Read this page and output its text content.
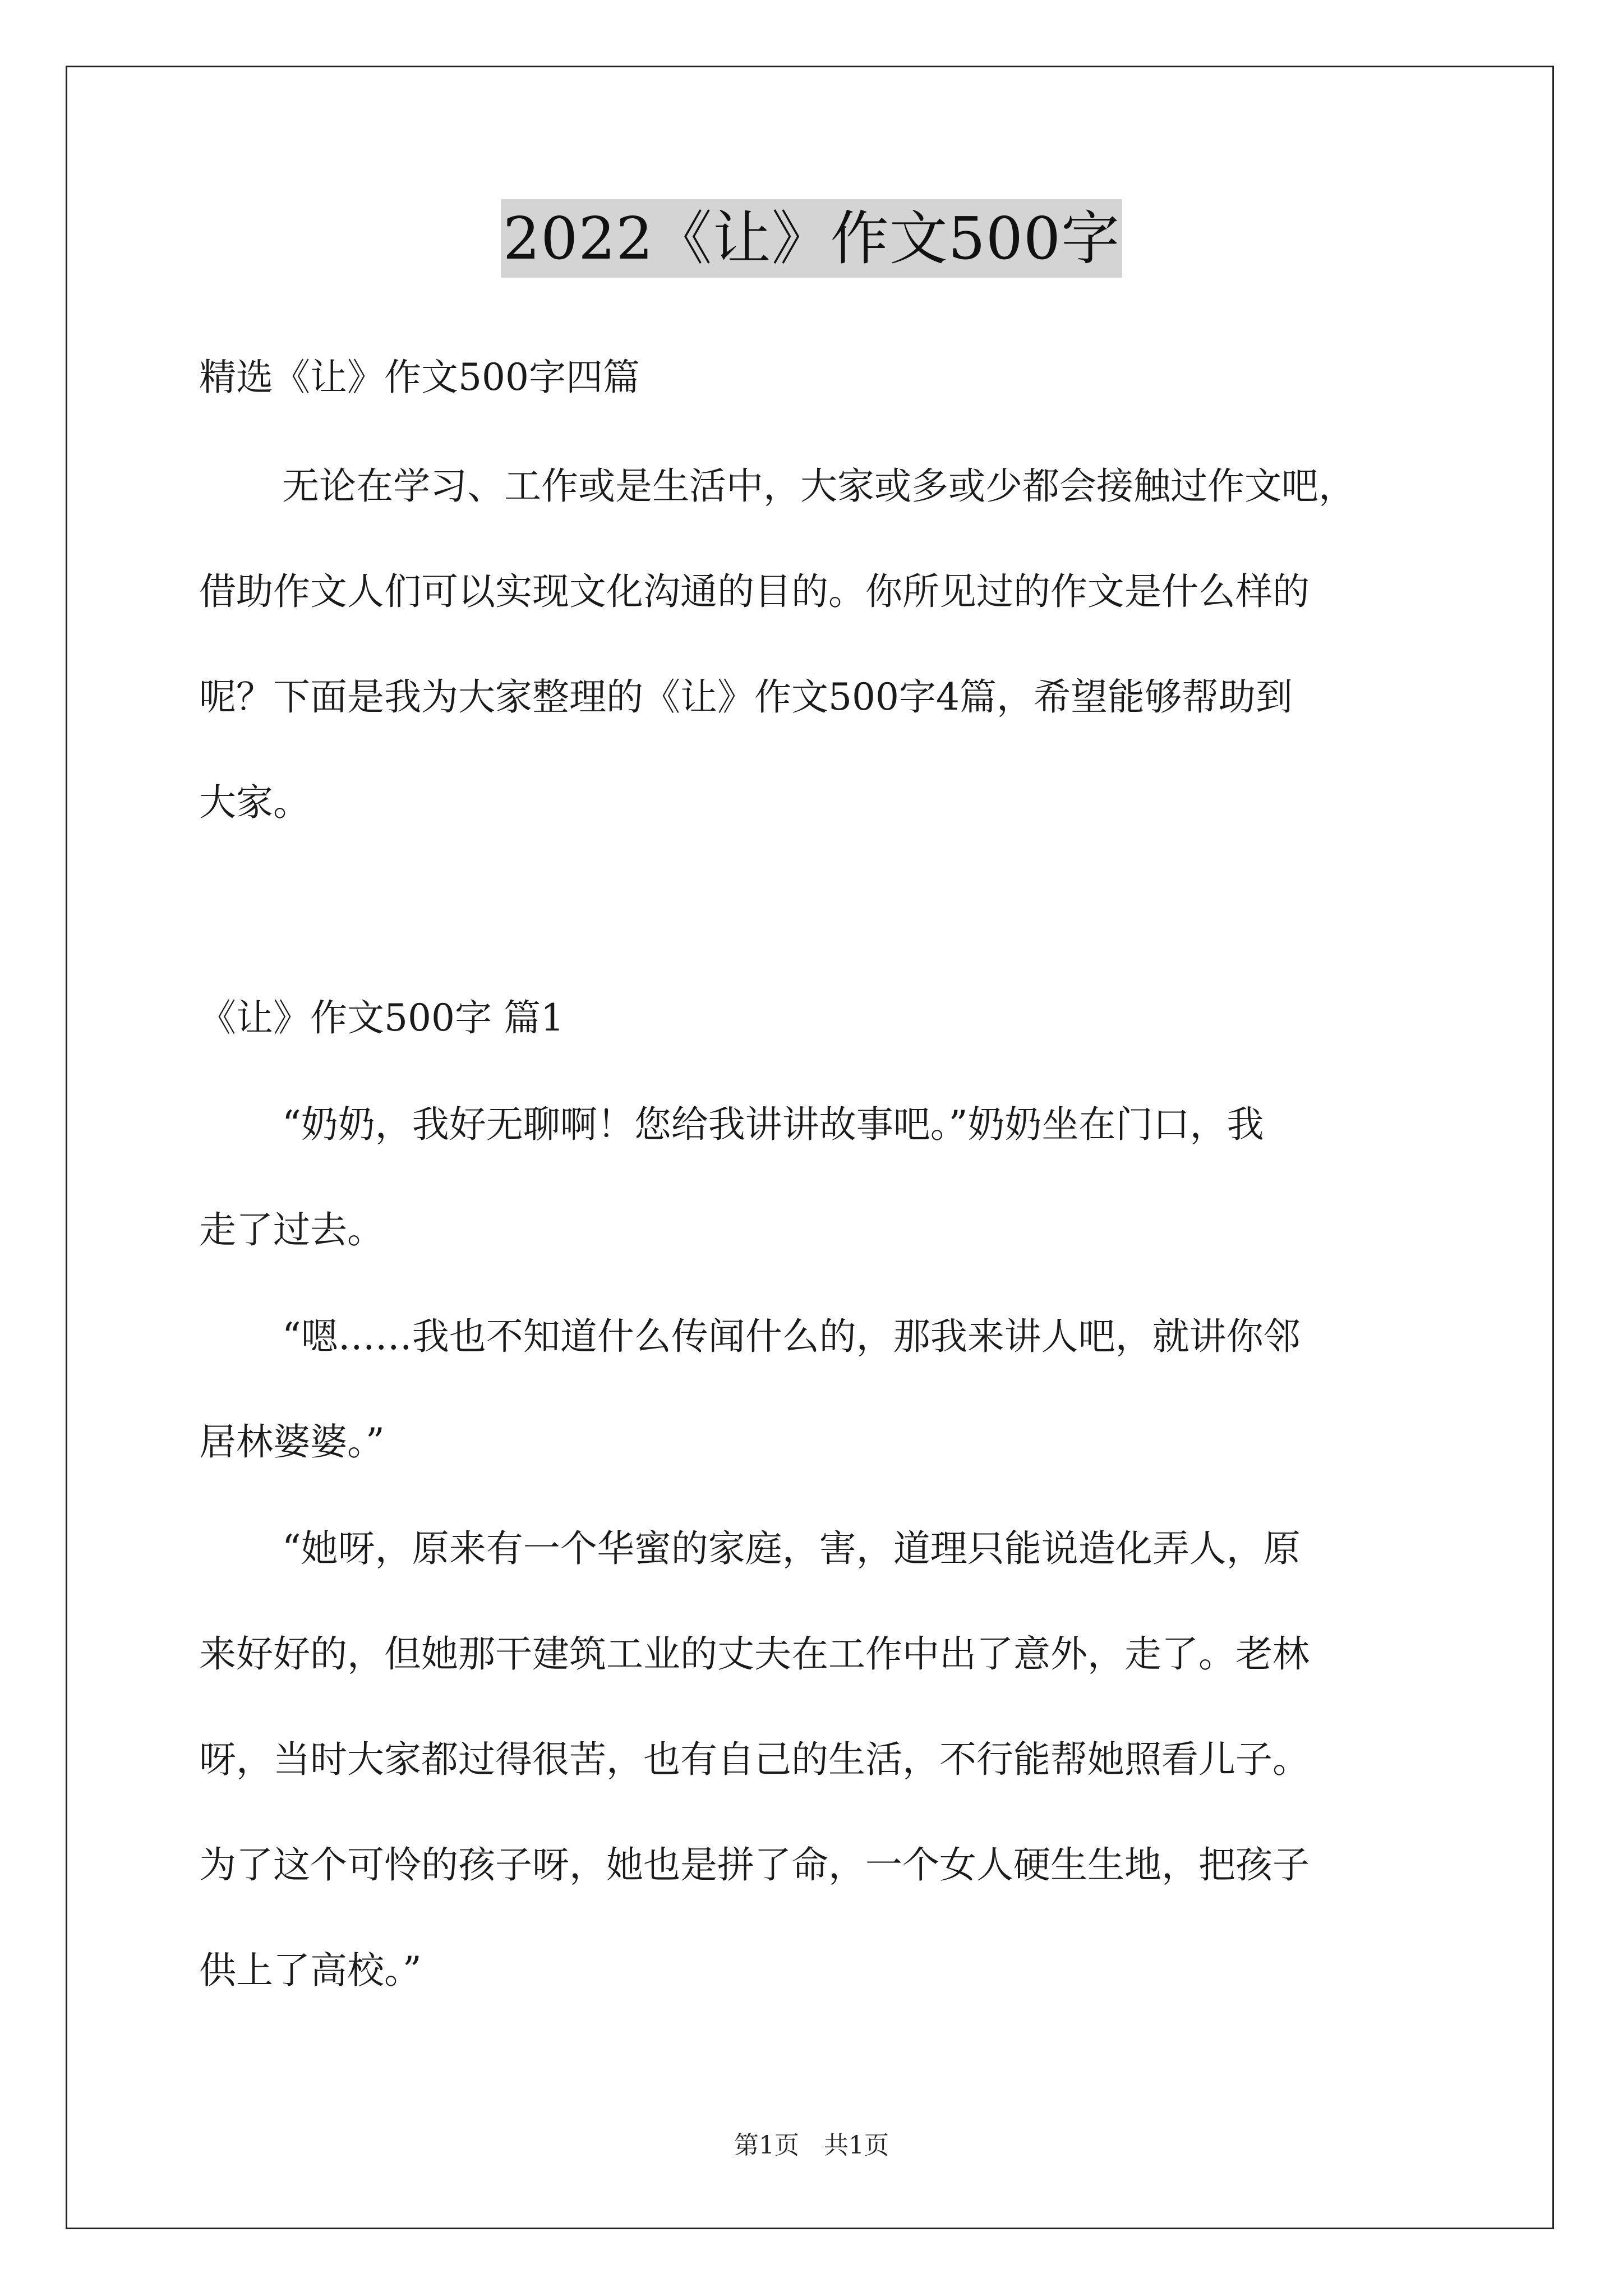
2022《让》作文500字
精选《让》作文500字四篇
无论在学习、工作或是生活中，大家或多或少都会接触过作文吧，
借助作文人们可以实现文化沟通的目的。你所见过的作文是什么样的
呢？下面是我为大家整理的《让》作文500字4篇，希望能够帮助到
大家。
《让》作文500字 篇1
“奶奶，我好无聊啊！您给我讲讲故事吧。”奶奶坐在门口，我
走了过去。
“嗯……我也不知道什么传闻什么的，那我来讲人吧，就讲你邻
居林婆婆。”
“她呀，原来有一个华蜜的家庭，害，道理只能说造化弄人，原
来好好的，但她那干建筑工业的丈夫在工作中出了意外，走了。老林
呀，当时大家都过得很苦，也有自己的生活，不行能帮她照看儿子。
为了这个可怜的孩子呀，她也是拼了命，一个女人硬生生地，把孩子
供上了高校。”
第1页　共1页
